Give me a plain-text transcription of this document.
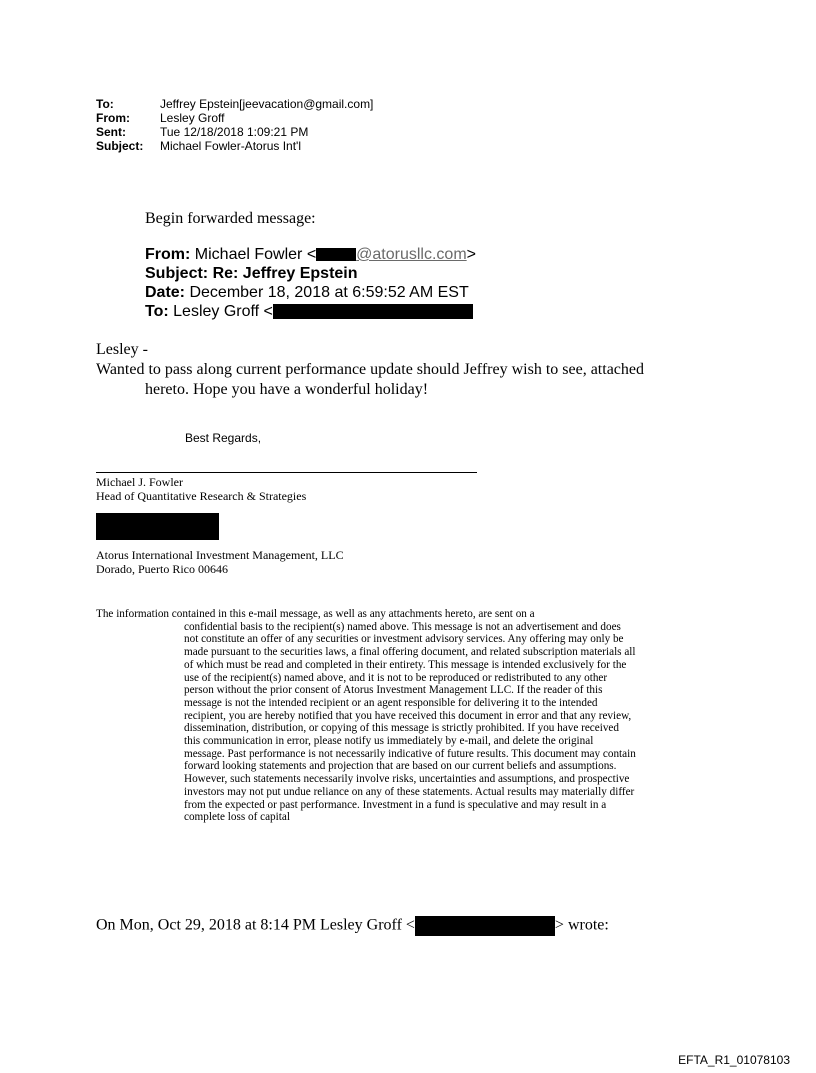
To:	Jeffrey Epstein[jeevacation@gmail.com]
From:	Lesley Groff
Sent:	Tue 12/18/2018 1:09:21 PM
Subject:	Michael Fowler-Atorus Int'l
Begin forwarded message:
From: Michael Fowler <	@atorusllc.com>
Subject: Re: Jeffrey Epstein
Date: December 18, 2018 at 6:59:52 AM EST
To: Lesley Groff <
Lesley -
Wanted to pass along current performance update should Jeffrey wish to see, attached
hereto. Hope you have a wonderful holiday!
Best Regards,
Michael J. Fowler
Head of Quantitative Research & Strategies
Atorus International Investment Management, LLC
Dorado, Puerto Rico 00646
The information contained in this e-mail message, as well as any attachments hereto, are sent on a
confidential basis to the recipient(s) named above. This message is not an advertisement and does not constitute an offer of any securities or investment advisory services. Any offering may only be made pursuant to the securities laws, a final offering document, and related subscription materials all of which must be read and completed in their entirety. This message is intended exclusively for the use of the recipient(s) named above, and it is not to be reproduced or redistributed to any other person without the prior consent of Atorus Investment Management LLC. If the reader of this message is not the intended recipient or an agent responsible for delivering it to the intended recipient, you are hereby notified that you have received this document in error and that any review, dissemination, distribution, or copying of this message is strictly prohibited. If you have received this communication in error, please notify us immediately by e-mail, and delete the original message. Past performance is not necessarily indicative of future results. This document may contain forward looking statements and projection that are based on our current beliefs and assumptions. However, such statements necessarily involve risks, uncertainties and assumptions, and prospective investors may not put undue reliance on any of these statements. Actual results may materially differ from the expected or past performance. Investment in a fund is speculative and may result in a complete loss of capital
On Mon, Oct 29, 2018 at 8:14 PM Lesley Groff <	> wrote:
EFTA_R1_01078103
